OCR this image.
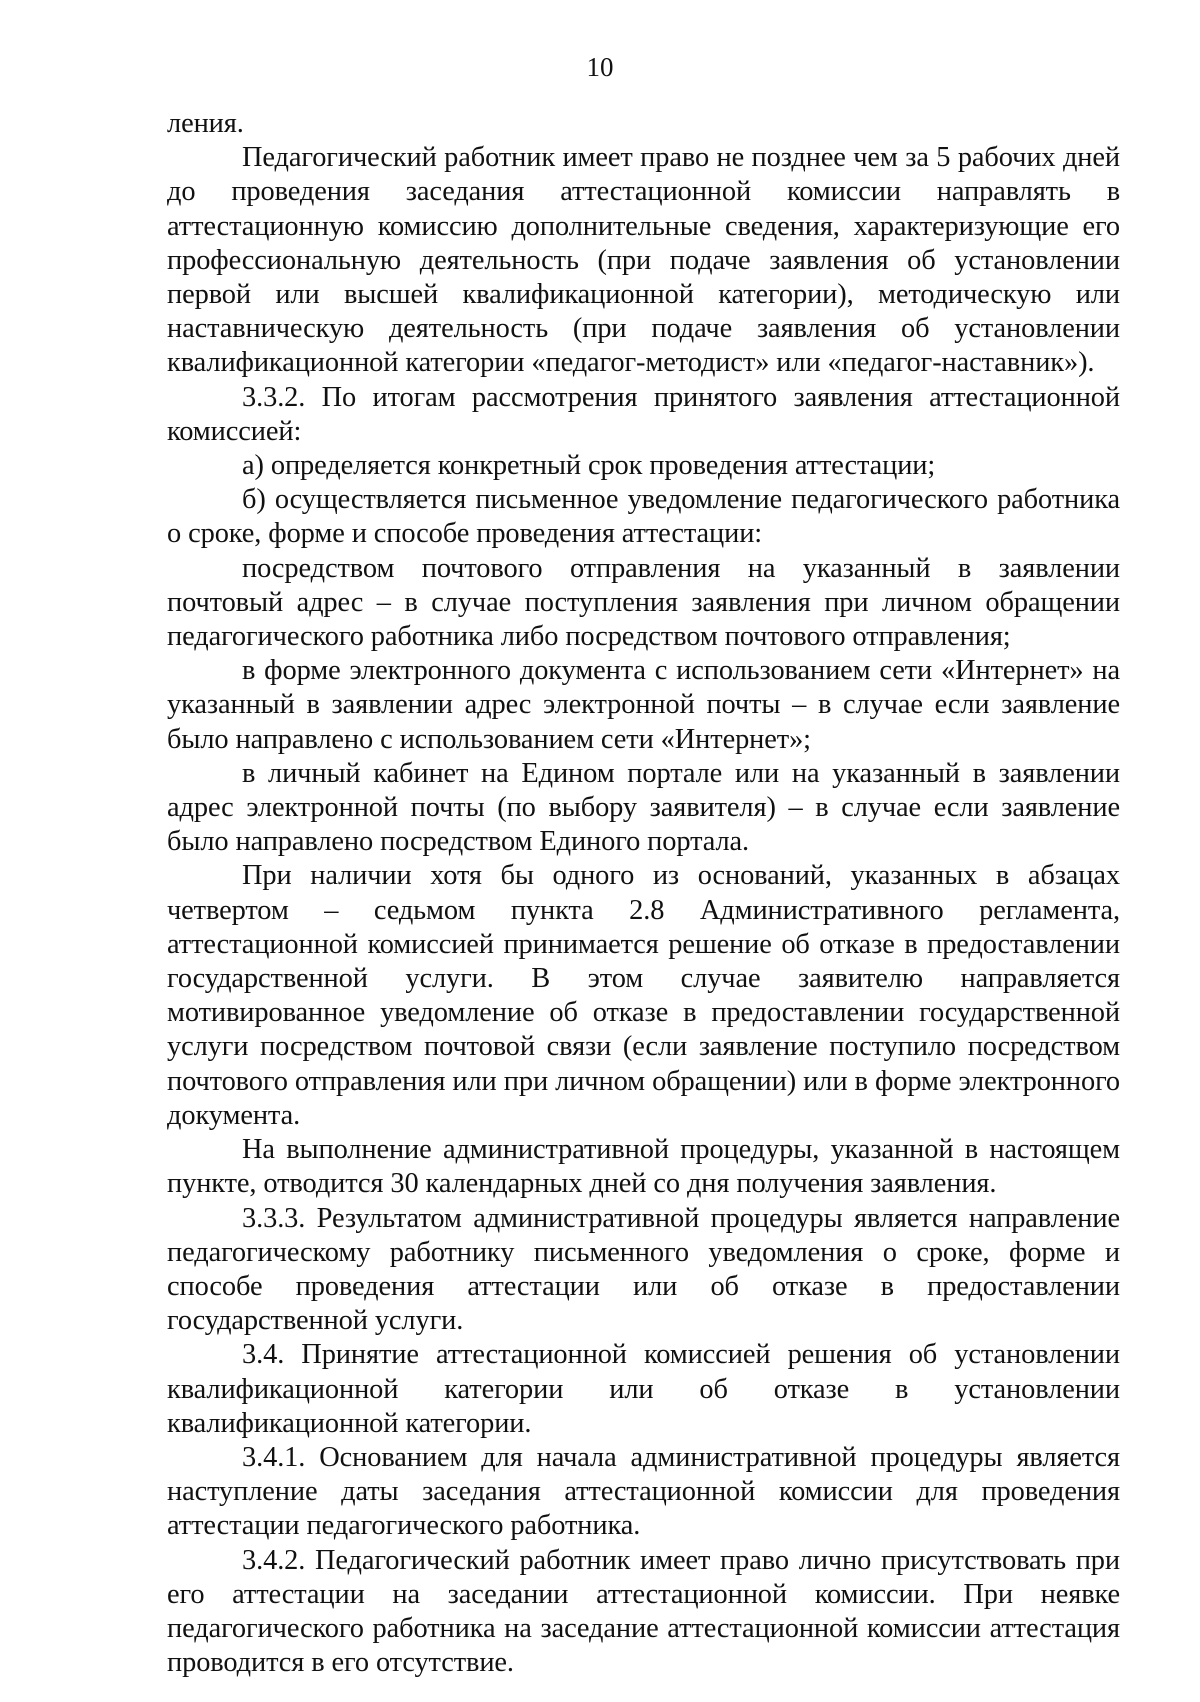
10

ления.

Педагогический работник имеет право не позднее чем за 5 рабочих дней до проведения заседания аттестационной комиссии направлять в аттестационную комиссию дополнительные сведения, характеризующие его профессиональную деятельность (при подаче заявления об установлении первой или высшей квалификационной категории), методическую или наставническую деятельность (при подаче заявления об установлении квалификационной категории «педагог-методист» или «педагог-наставник»).

3.3.2. По итогам рассмотрения принятого заявления аттестационной комиссией:

а) определяется конкретный срок проведения аттестации;

б) осуществляется письменное уведомление педагогического работника о сроке, форме и способе проведения аттестации:

посредством почтового отправления на указанный в заявлении почтовый адрес – в случае поступления заявления при личном обращении педагогического работника либо посредством почтового отправления;

в форме электронного документа с использованием сети «Интернет» на указанный в заявлении адрес электронной почты – в случае если заявление было направлено с использованием сети «Интернет»;

в личный кабинет на Едином портале или на указанный в заявлении адрес электронной почты (по выбору заявителя) – в случае если заявление было направлено посредством Единого портала.

При наличии хотя бы одного из оснований, указанных в абзацах четвертом – седьмом пункта 2.8 Административного регламента, аттестационной комиссией принимается решение об отказе в предоставлении государственной услуги. В этом случае заявителю направляется мотивированное уведомление об отказе в предоставлении государственной услуги посредством почтовой связи (если заявление поступило посредством почтового отправления или при личном обращении) или в форме электронного документа.

На выполнение административной процедуры, указанной в настоящем пункте, отводится 30 календарных дней со дня получения заявления.

3.3.3. Результатом административной процедуры является направление педагогическому работнику письменного уведомления о сроке, форме и способе проведения аттестации или об отказе в предоставлении государственной услуги.

3.4. Принятие аттестационной комиссией решения об установлении квалификационной категории или об отказе в установлении квалификационной категории.

3.4.1. Основанием для начала административной процедуры является наступление даты заседания аттестационной комиссии для проведения аттестации педагогического работника.

3.4.2. Педагогический работник имеет право лично присутствовать при его аттестации на заседании аттестационной комиссии. При неявке педагогического работника на заседание аттестационной комиссии аттестация проводится в его отсутствие.
